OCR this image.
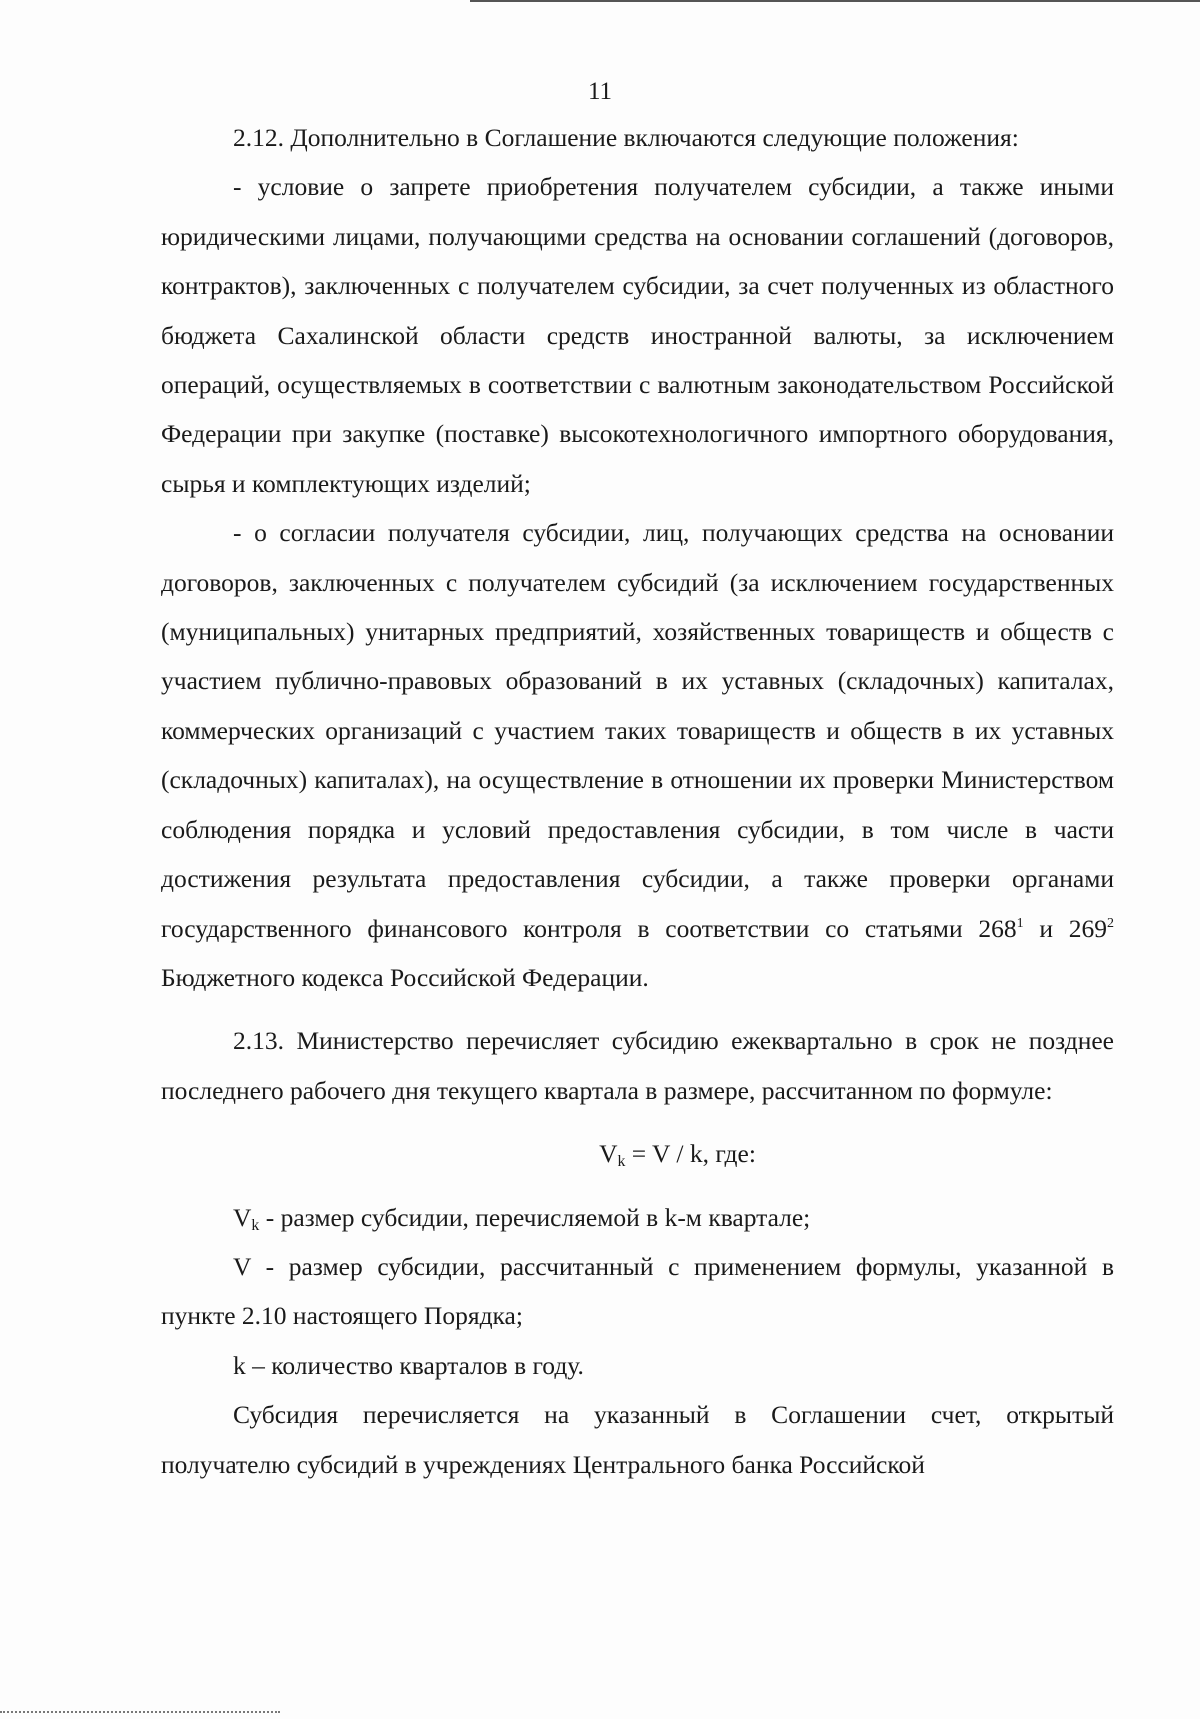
11

2.12. Дополнительно в Соглашение включаются следующие положения:

- условие о запрете приобретения получателем субсидии, а также иными юридическими лицами, получающими средства на основании соглашений (договоров, контрактов), заключенных с получателем субсидии, за счет полученных из областного бюджета Сахалинской области средств иностранной валюты, за исключением операций, осуществляемых в соответствии с валютным законодательством Российской Федерации при закупке (поставке) высокотехнологичного импортного оборудования, сырья и комплектующих изделий;

- о согласии получателя субсидии, лиц, получающих средства на основании договоров, заключенных с получателем субсидий (за исключением государственных (муниципальных) унитарных предприятий, хозяйственных товариществ и обществ с участием публично-правовых образований в их уставных (складочных) капиталах, коммерческих организаций с участием таких товариществ и обществ в их уставных (складочных) капиталах), на осуществление в отношении их проверки Министерством соблюдения порядка и условий предоставления субсидии, в том числе в части достижения результата предоставления субсидии, а также проверки органами государственного финансового контроля в соответствии со статьями $268^1$ и $269^2$ Бюджетного кодекса Российской Федерации.

2.13. Министерство перечисляет субсидию ежеквартально в срок не позднее последнего рабочего дня текущего квартала в размере, рассчитанном по формуле:

$V_k = V / k$, где:

$V_k$ - размер субсидии, перечисляемой в k-м квартале;

V - размер субсидии, рассчитанный с применением формулы, указанной в пункте 2.10 настоящего Порядка;

k – количество кварталов в году.

Субсидия перечисляется на указанный в Соглашении счет, открытый получателю субсидий в учреждениях Центрального банка Российской
